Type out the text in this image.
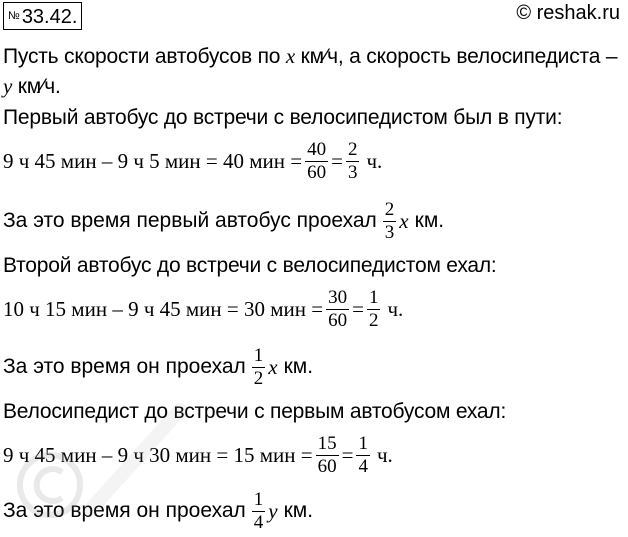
№ 33.42.	© reshak.ru
Пусть скорости автобусов по x км⁄ч, а скорость велосипедиста –
y км⁄ч.
Первый автобус до встречи с велосипедистом был в пути:
9 ч 45 мин – 9 ч 5 мин = 40 мин = $\frac{40}{60} = \frac{2}{3} ч$.
За это время первый автобус проехал $\frac{2}{3}$ x км.
Второй автобус до встречи с велосипедистом ехал:
10 ч 15 мин – 9 ч 45 мин = 30 мин = $\frac{30}{60} = \frac{1}{2} ч$.
За это время он проехал $\frac{1}{2}$ x км.
Велосипедист до встречи с первым автобусом ехал:
9 ч 45 мин – 9 ч 30 мин = 15 мин = $\frac{15}{60} = \frac{1}{4} ч$.
За это время он проехал $\frac{1}{4}$ y км.
